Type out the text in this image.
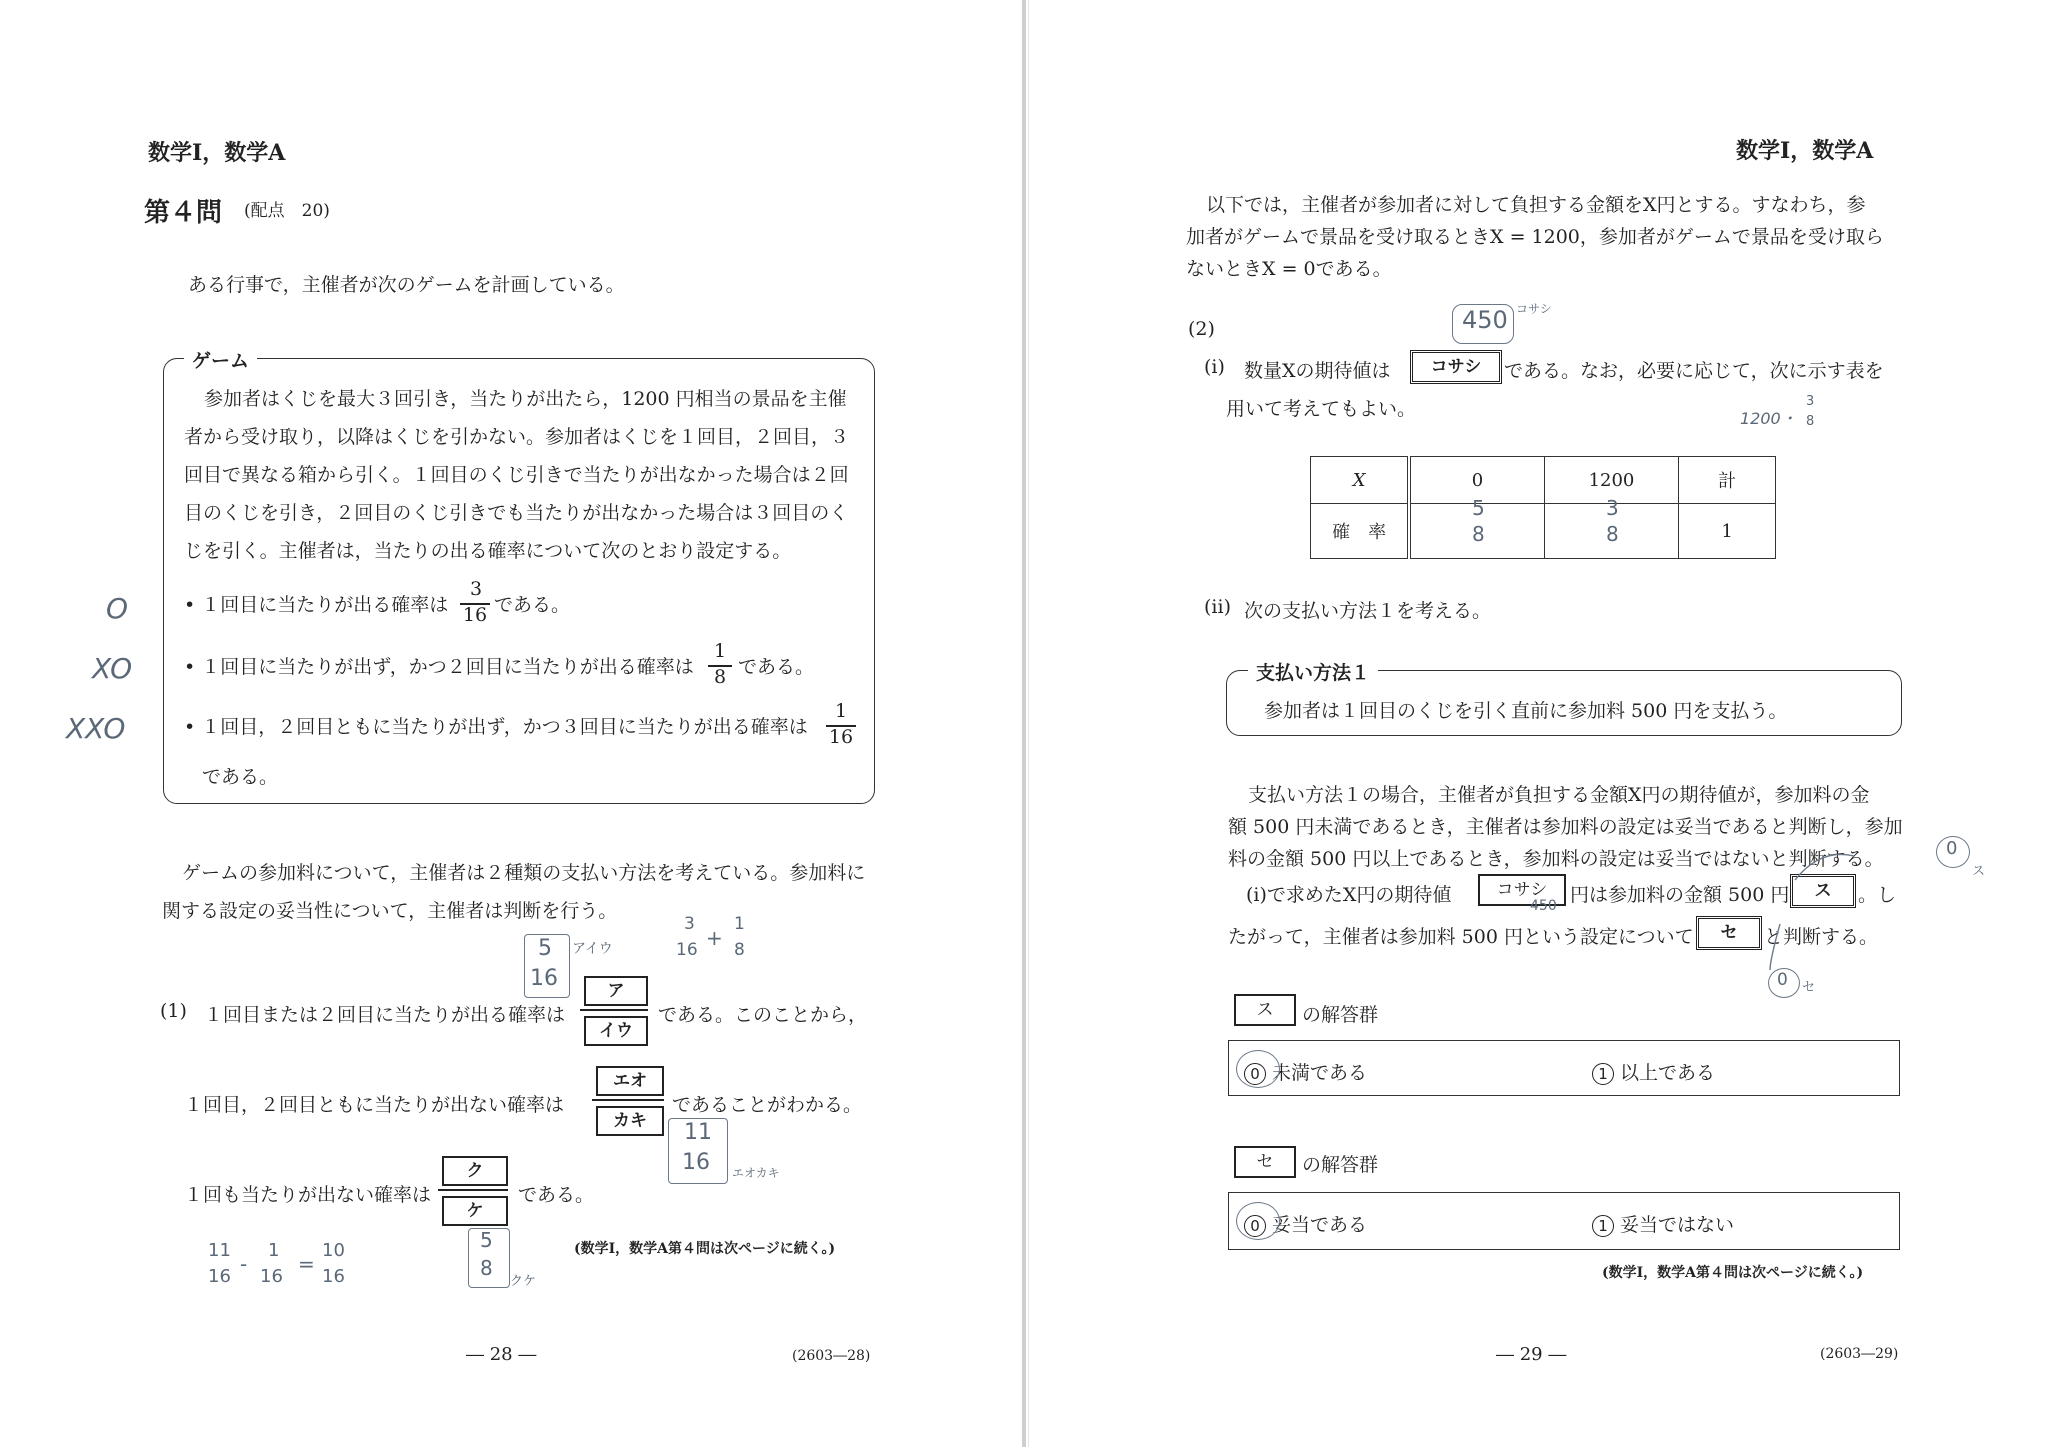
数学Ⅰ，数学A
第４問 (配点　20)
ある行事で，主催者が次のゲームを計画している。
ゲーム
参加者はくじを最大３回引き，当たりが出たら，1200 円相当の景品を主催
者から受け取り，以降はくじを引かない。参加者はくじを１回目，２回目，３
回目で異なる箱から引く。１回目のくじ引きで当たりが出なかった場合は２回
目のくじを引き，２回目のくじ引きでも当たりが出なかった場合は３回目のく
じを引く。主催者は，当たりの出る確率について次のとおり設定する。
• １回目に当たりが出る確率は
3
16 である。
• １回目に当たりが出ず，かつ２回目に当たりが出る確率は
1
8 である。
• １回目，２回目ともに当たりが出ず，かつ３回目に当たりが出る確率は
1
16
である。
ゲームの参加料について，主催者は２種類の支払い方法を考えている。参加料に
関する設定の妥当性について，主催者は判断を行う。
(1) １回目または２回目に当たりが出る確率は
ア
イウ
である。このことから，
１回目，２回目ともに当たりが出ない確率は
エオ
カキ
であることがわかる。
１回も当たりが出ない確率は
ク
ケ
である。
(数学Ⅰ，数学A第４問は次ページに続く。)
― 28 ―	(2603―28)
O
XO
XXO
5
16
アイウ
3
16 +
1
8
11
16 エオカキ
11
16
-
1
16
=
10
16
5
8
クケ
数学Ⅰ，数学A
以下では，主催者が参加者に対して負担する金額をX円とする。すなわち，参
加者がゲームで景品を受け取るときX = 1200，参加者がゲームで景品を受け取ら
ないときX = 0である。
(2)
(i) 数量Xの期待値は	コサシ	である。なお，必要に応じて，次に示す表を
用いて考えてもよい。
X	0	1200	計
確　率			1
(ii) 次の支払い方法１を考える。
支払い方法１
参加者は１回目のくじを引く直前に参加料 500 円を支払う。
支払い方法１の場合，主催者が負担する金額X円の期待値が，参加料の金
額 500 円未満であるとき，主催者は参加料の設定は妥当であると判断し，参加
料の金額 500 円以上であるとき，参加料の設定は妥当ではないと判断する。
(i)で求めたX円の期待値	コサシ	円は参加料の金額 500 円	ス	。し
たがって，主催者は参加料 500 円という設定について	セ	と判断する。
ス	の解答群
0 未満である	1 以上である
セ	の解答群
0 妥当である	1 妥当ではない
(数学Ⅰ，数学A第４問は次ページに続く。)
― 29 ―	(2603―29)
450 コサシ
1200・
3
8
5
8
3
8
450
0
ス
0 セ
